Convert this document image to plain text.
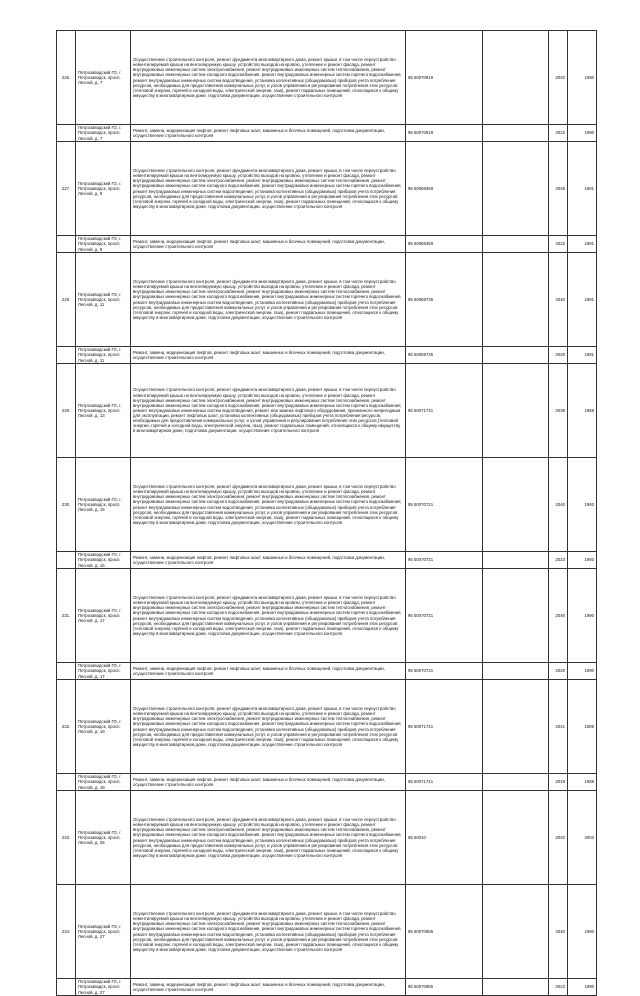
226.	Петрозаводский ГО, г. Петрозаводск, просп. Лесной, д. 7	Осуществление строительного контроля, ремонт фундамента многоквартирного дома, ремонт крыши, в том числе переустройство невентилируемой крыши на вентилируемую крышу, устройство выходов на кровлю, утепление и ремонт фасада, ремонт внутридомовых инженерных систем электроснабжения, ремонт внутридомовых инженерных систем теплоснабжения, ремонт внутридомовых инженерных систем холодного водоснабжения, ремонт внутридомовых инженерных систем горячего водоснабжения, ремонт внутридомовых инженерных систем водоотведения, установка коллективных (общедомовых) приборов учета потребления ресурсов, необходимых для предоставления коммунальных услуг, и узлов управления и регулирования потребления этих ресурсов (тепловой энергии, горячей и холодной воды, электрической энергии, газа), ремонт подвальных помещений, относящихся к общему имуществу в многоквартирном доме, подготовка документации, осуществление строительного контроля	95 50070919		2040	1990
	Петрозаводский ГО, г. Петрозаводск, просп. Лесной, д. 7	Ремонт, замена, модернизация лифтов, ремонт лифтовых шахт, машинных и блочных помещений, подготовка документации, осуществление строительного контроля	95 50070919		2022	1990
227.	Петрозаводский ГО, г. Петрозаводск, просп. Лесной, д. 9	Осуществление строительного контроля, ремонт фундамента многоквартирного дома, ремонт крыши, в том числе переустройство невентилируемой крыши на вентилируемую крышу, устройство выходов на кровлю, утепление и ремонт фасада, ремонт внутридомовых инженерных систем электроснабжения, ремонт внутридомовых инженерных систем теплоснабжения, ремонт внутридомовых инженерных систем холодного водоснабжения, ремонт внутридомовых инженерных систем горячего водоснабжения, ремонт внутридомовых инженерных систем водоотведения, установка коллективных (общедомовых) приборов учета потребления ресурсов, необходимых для предоставления коммунальных услуг, и узлов управления и регулирования потребления этих ресурсов (тепловой энергии, горячей и холодной воды, электрической энергии, газа), ремонт подвальных помещений, относящихся к общему имуществу в многоквартирном доме, подготовка документации, осуществление строительного контроля	95 50069359		2046	1991
	Петрозаводский ГО, г. Петрозаводск, просп. Лесной, д. 9	Ремонт, замена, модернизация лифтов, ремонт лифтовых шахт, машинных и блочных помещений, подготовка документации, осуществление строительного контроля	95 50069359		2022	1991
228.	Петрозаводский ГО, г. Петрозаводск, просп. Лесной, д. 11	Осуществление строительного контроля, ремонт фундамента многоквартирного дома, ремонт крыши, в том числе переустройство невентилируемой крыши на вентилируемую крышу, устройство выходов на кровлю, утепление и ремонт фасада, ремонт внутридомовых инженерных систем электроснабжения, ремонт внутридомовых инженерных систем теплоснабжения, ремонт внутридомовых инженерных систем холодного водоснабжения, ремонт внутридомовых инженерных систем горячего водоснабжения, ремонт внутридомовых инженерных систем водоотведения, установка коллективных (общедомовых) приборов учета потребления ресурсов, необходимых для предоставления коммунальных услуг, и узлов управления и регулирования потребления этих ресурсов (тепловой энергии, горячей и холодной воды, электрической энергии, газа), ремонт подвальных помещений, относящихся к общему имуществу в многоквартирном доме, подготовка документации, осуществление строительного контроля	95 50069736		2040	1991
	Петрозаводский ГО, г. Петрозаводск, просп. Лесной, д. 11	Ремонт, замена, модернизация лифтов, ремонт лифтовых шахт, машинных и блочных помещений, подготовка документации, осуществление строительного контроля	95 50069736		2020	1991
229.	Петрозаводский ГО, г. Петрозаводск, просп. Лесной, д. 13	Осуществление строительного контроля, ремонт фундамента многоквартирного дома, ремонт крыши, в том числе переустройство невентилируемой крыши на вентилируемую крышу, устройство выходов на кровлю, утепление и ремонт фасада, ремонт внутридомовых инженерных систем электроснабжения, ремонт внутридомовых инженерных систем теплоснабжения, ремонт внутридомовых инженерных систем холодного водоснабжения, ремонт внутридомовых инженерных систем горячего водоснабжения, ремонт внутридомовых инженерных систем водоотведения, ремонт или замена лифтового оборудования, признанного непригодным для эксплуатации, ремонт лифтовых шахт, установка коллективных (общедомовых) приборов учета потребления ресурсов, необходимых для предоставления коммунальных услуг, и узлов управления и регулирования потребления этих ресурсов (тепловой энергии, горячей и холодной воды, электрической энергии, газа), ремонт подвальных помещений, относящихся к общему имуществу в многоквартирном доме, подготовка документации, осуществление строительного контроля	95 50071741		2039	1959
230.	Петрозаводский ГО, г. Петрозаводск, просп. Лесной, д. 15	Осуществление строительного контроля, ремонт фундамента многоквартирного дома, ремонт крыши, в том числе переустройство невентилируемой крыши на вентилируемую крышу, устройство выходов на кровлю, утепление и ремонт фасада, ремонт внутридомовых инженерных систем электроснабжения, ремонт внутридомовых инженерных систем теплоснабжения, ремонт внутридомовых инженерных систем холодного водоснабжения, ремонт внутридомовых инженерных систем горячего водоснабжения, ремонт внутридомовых инженерных систем водоотведения, установка коллективных (общедомовых) приборов учета потребления ресурсов, необходимых для предоставления коммунальных услуг, и узлов управления и регулирования потребления этих ресурсов (тепловой энергии, горячей и холодной воды, электрической энергии, газа), ремонт подвальных помещений, относящихся к общему имуществу в многоквартирном доме, подготовка документации, осуществление строительного контроля	95 50070721		2040	1993
	Петрозаводский ГО, г. Петрозаводск, просп. Лесной, д. 15	Ремонт, замена, модернизация лифтов, ремонт лифтовых шахт, машинных и блочных помещений, подготовка документации, осуществление строительного контроля	95 50070721		2023	1993
231.	Петрозаводский ГО, г. Петрозаводск, просп. Лесной, д. 17	Осуществление строительного контроля, ремонт фундамента многоквартирного дома, ремонт крыши, в том числе переустройство невентилируемой крыши на вентилируемую крышу, устройство выходов на кровлю, утепление и ремонт фасада, ремонт внутридомовых инженерных систем электроснабжения, ремонт внутридомовых инженерных систем теплоснабжения, ремонт внутридомовых инженерных систем холодного водоснабжения, ремонт внутридомовых инженерных систем горячего водоснабжения, ремонт внутридомовых инженерных систем водоотведения, установка коллективных (общедомовых) приборов учета потребления ресурсов, необходимых для предоставления коммунальных услуг, и узлов управления и регулирования потребления этих ресурсов (тепловой энергии, горячей и холодной воды, электрической энергии, газа), ремонт подвальных помещений, относящихся к общему имуществу в многоквартирном доме, подготовка документации, осуществление строительного контроля	95 50070721		2040	1990
	Петрозаводский ГО, г. Петрозаводск, просп. Лесной, д. 17	Ремонт, замена, модернизация лифтов, ремонт лифтовых шахт, машинных и блочных помещений, подготовка документации, осуществление строительного контроля	95 50070721		2020	1990
232.	Петрозаводский ГО, г. Петрозаводск, просп. Лесной, д. 19	Осуществление строительного контроля, ремонт фундамента многоквартирного дома, ремонт крыши, в том числе переустройство невентилируемой крыши на вентилируемую крышу, устройство выходов на кровлю, утепление и ремонт фасада, ремонт внутридомовых инженерных систем электроснабжения, ремонт внутридомовых инженерных систем теплоснабжения, ремонт внутридомовых инженерных систем холодного водоснабжения, ремонт внутридомовых инженерных систем горячего водоснабжения, ремонт внутридомовых инженерных систем водоотведения, установка коллективных (общедомовых) приборов учета потребления ресурсов, необходимых для предоставления коммунальных услуг, и узлов управления и регулирования потребления этих ресурсов (тепловой энергии, горячей и холодной воды, электрической энергии, газа), ремонт подвальных помещений, относящихся к общему имуществу в многоквартирном доме, подготовка документации, осуществление строительного контроля	95 50071741		2041	1989
	Петрозаводский ГО, г. Петрозаводск, просп. Лесной, д. 19	Ремонт, замена, модернизация лифтов, ремонт лифтовых шахт, машинных и блочных помещений, подготовка документации, осуществление строительного контроля	95 50071741		2019	1989
233.	Петрозаводский ГО, г. Петрозаводск, просп. Лесной, д. 25	Осуществление строительного контроля, ремонт фундамента многоквартирного дома, ремонт крыши, в том числе переустройство невентилируемой крыши на вентилируемую крышу, устройство выходов на кровлю, утепление и ремонт фасада, ремонт внутридомовых инженерных систем электроснабжения, ремонт внутридомовых инженерных систем теплоснабжения, ремонт внутридомовых инженерных систем холодного водоснабжения, ремонт внутридомовых инженерных систем горячего водоснабжения, ремонт внутридомовых инженерных систем водоотведения, установка коллективных (общедомовых) приборов учета потребления ресурсов, необходимых для предоставления коммунальных услуг, и узлов управления и регулирования потребления этих ресурсов (тепловой энергии, горячей и холодной воды, электрической энергии, газа), ремонт подвальных помещений, относящихся к общему имуществу в многоквартирном доме, подготовка документации, осуществление строительного контроля	95 50010		2040	2003
234.	Петрозаводский ГО, г. Петрозаводск, просп. Лесной, д. 27	Осуществление строительного контроля, ремонт фундамента многоквартирного дома, ремонт крыши, в том числе переустройство невентилируемой крыши на вентилируемую крышу, устройство выходов на кровлю, утепление и ремонт фасада, ремонт внутридомовых инженерных систем электроснабжения, ремонт внутридомовых инженерных систем теплоснабжения, ремонт внутридомовых инженерных систем холодного водоснабжения, ремонт внутридомовых инженерных систем горячего водоснабжения, ремонт внутридомовых инженерных систем водоотведения, установка коллективных (общедомовых) приборов учета потребления ресурсов, необходимых для предоставления коммунальных услуг, и узлов управления и регулирования потребления этих ресурсов (тепловой энергии, горячей и холодной воды, электрической энергии, газа), ремонт подвальных помещений, относящихся к общему имуществу в многоквартирном доме, подготовка документации, осуществление строительного контроля	95 50070955		2040	1990
	Петрозаводский ГО, г. Петрозаводск, просп. Лесной, д. 27	Ремонт, замена, модернизация лифтов, ремонт лифтовых шахт, машинных и блочных помещений, подготовка документации, осуществление строительного контроля	95 50070955		2023	1990
